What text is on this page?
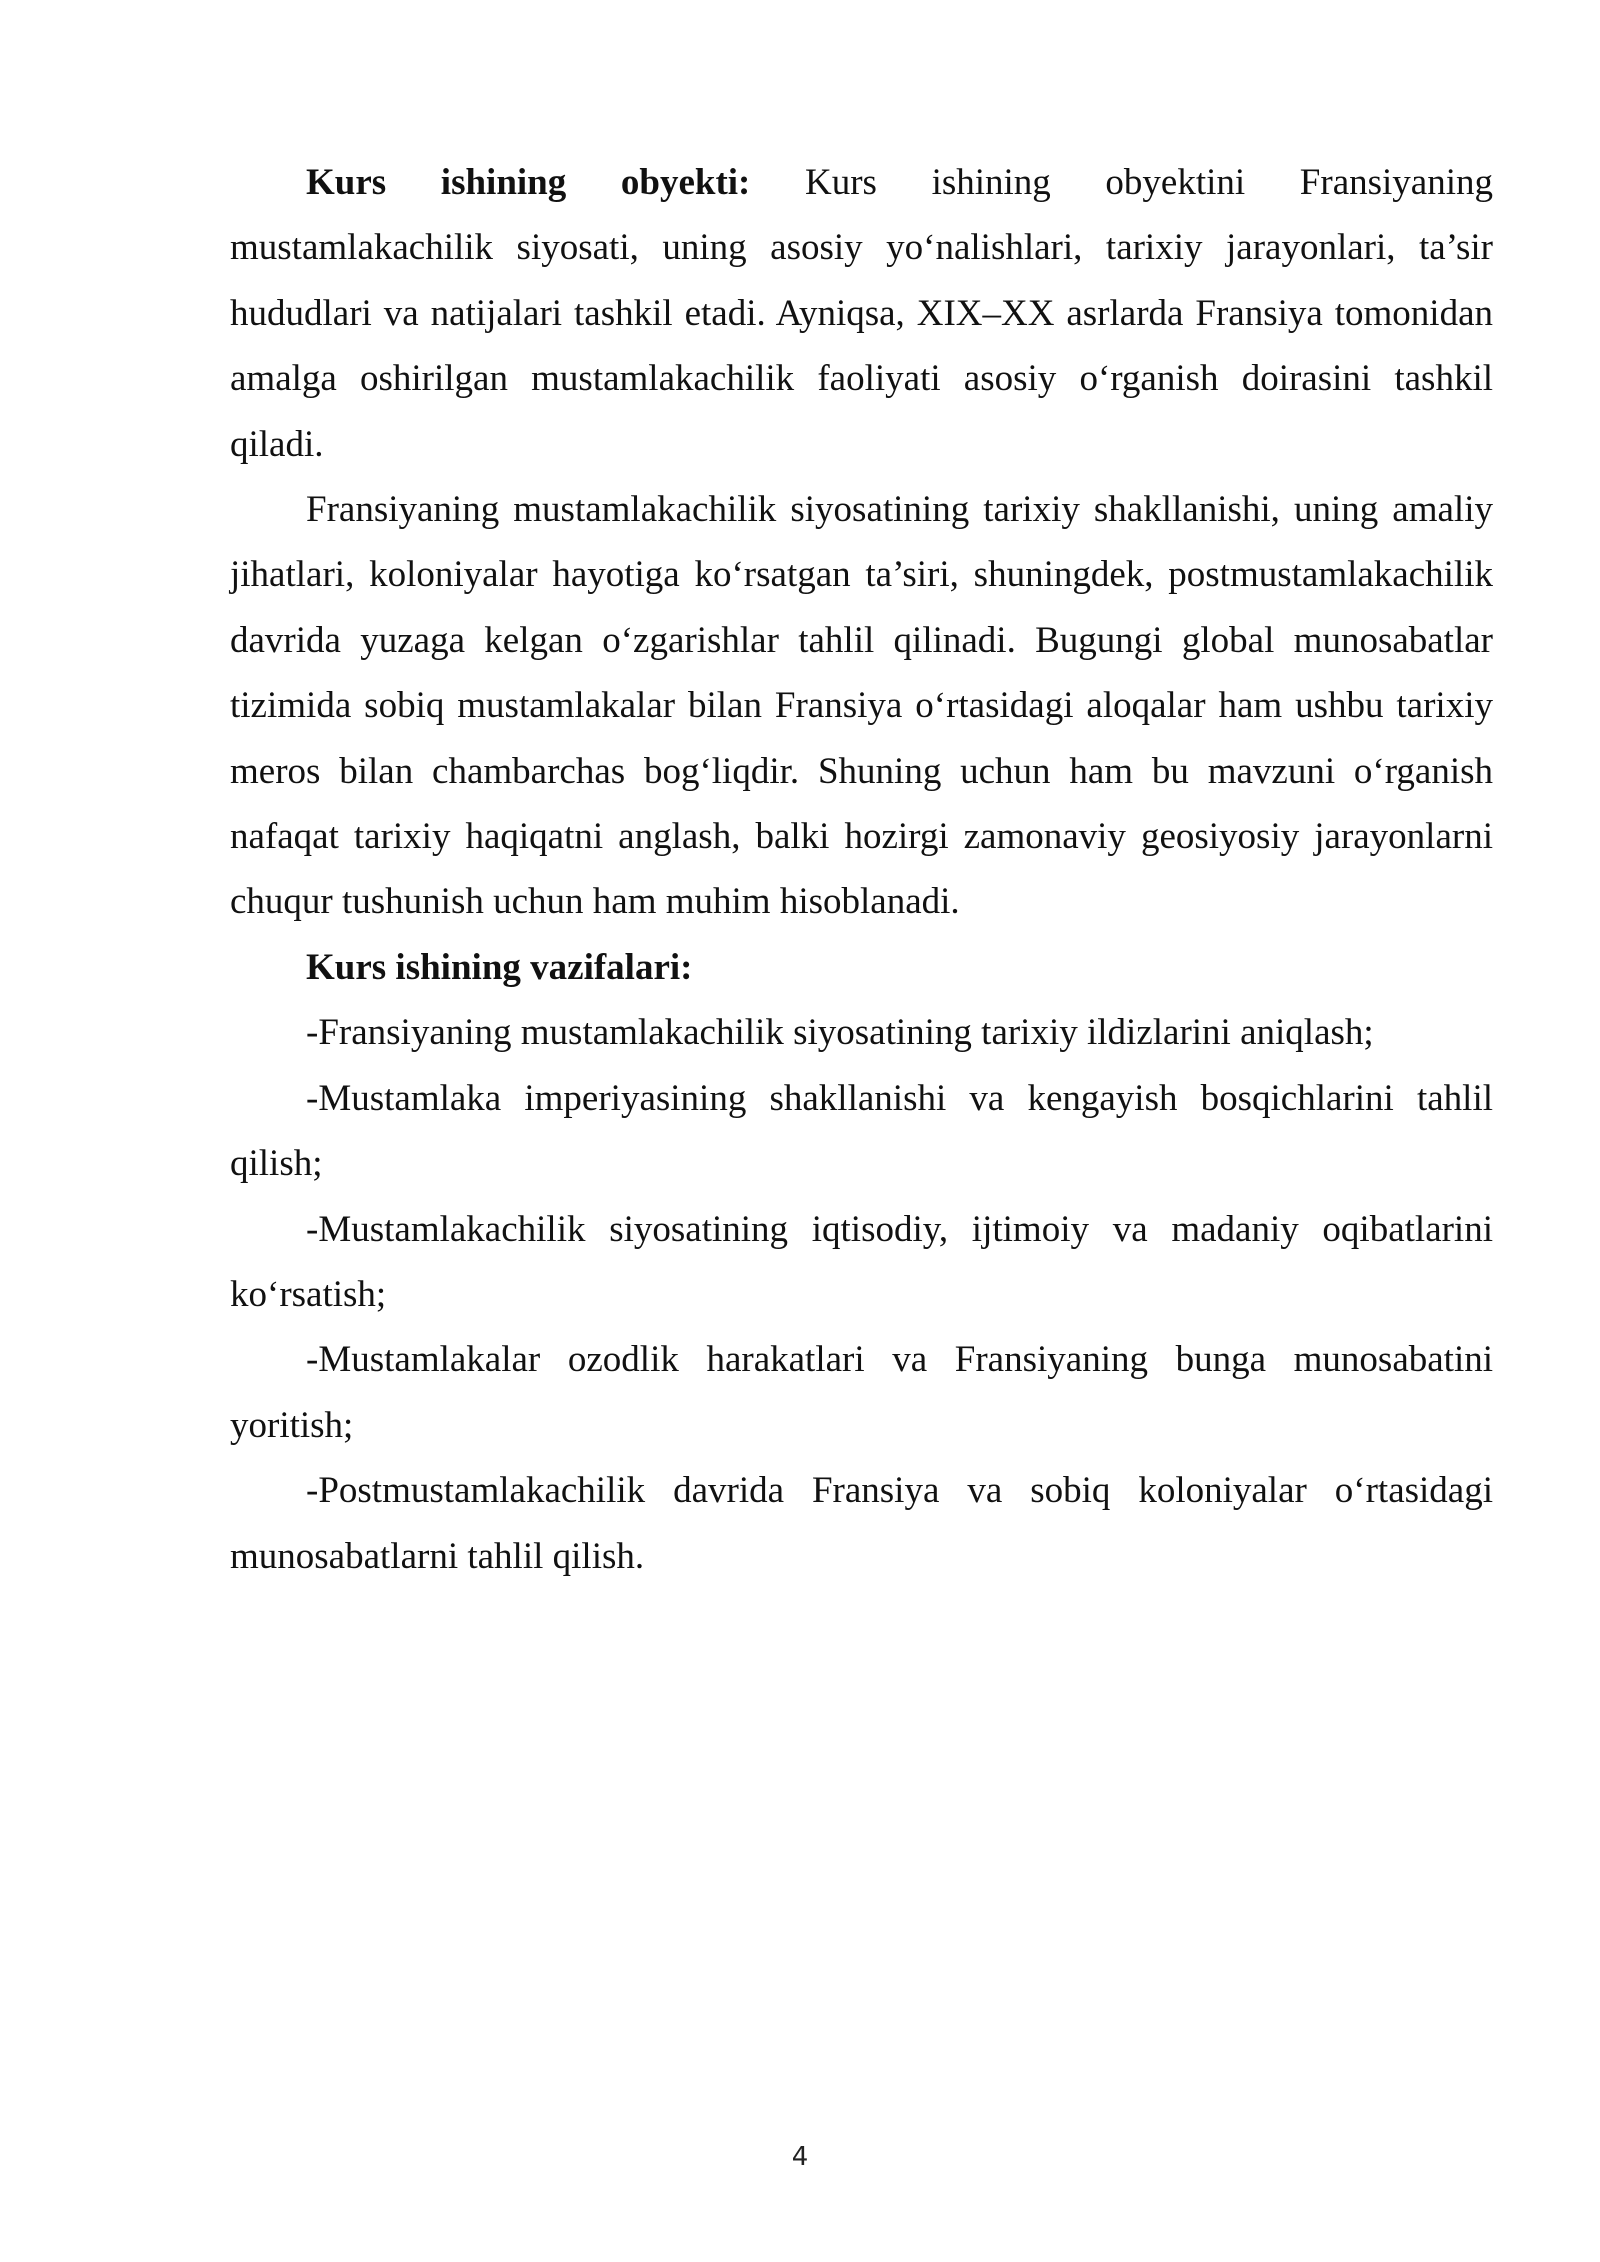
Kurs ishining obyekti: Kurs ishining obyektini Fransiyaning mustamlakachilik siyosati, uning asosiy yo‘nalishlari, tarixiy jarayonlari, ta’sir hududlari va natijalari tashkil etadi. Ayniqsa, XIX–XX asrlarda Fransiya tomonidan amalga oshirilgan mustamlakachilik faoliyati asosiy o‘rganish doirasini tashkil qiladi.

Fransiyaning mustamlakachilik siyosatining tarixiy shakllanishi, uning amaliy jihatlari, koloniyalar hayotiga ko‘rsatgan ta’siri, shuningdek, postmustamlakachilik davrida yuzaga kelgan o‘zgarishlar tahlil qilinadi. Bugungi global munosabatlar tizimida sobiq mustamlakalar bilan Fransiya o‘rtasidagi aloqalar ham ushbu tarixiy meros bilan chambarchas bog‘liqdir. Shuning uchun ham bu mavzuni o‘rganish nafaqat tarixiy haqiqatni anglash, balki hozirgi zamonaviy geosiyosiy jarayonlarni chuqur tushunish uchun ham muhim hisoblanadi.

Kurs ishining vazifalari:

-Fransiyaning mustamlakachilik siyosatining tarixiy ildizlarini aniqlash;

-Mustamlaka imperiyasining shakllanishi va kengayish bosqichlarini tahlil qilish;

-Mustamlakachilik siyosatining iqtisodiy, ijtimoiy va madaniy oqibatlarini ko‘rsatish;

-Mustamlakalar ozodlik harakatlari va Fransiyaning bunga munosabatini yoritish;

-Postmustamlakachilik davrida Fransiya va sobiq koloniyalar o‘rtasidagi munosabatlarni tahlil qilish.

4
